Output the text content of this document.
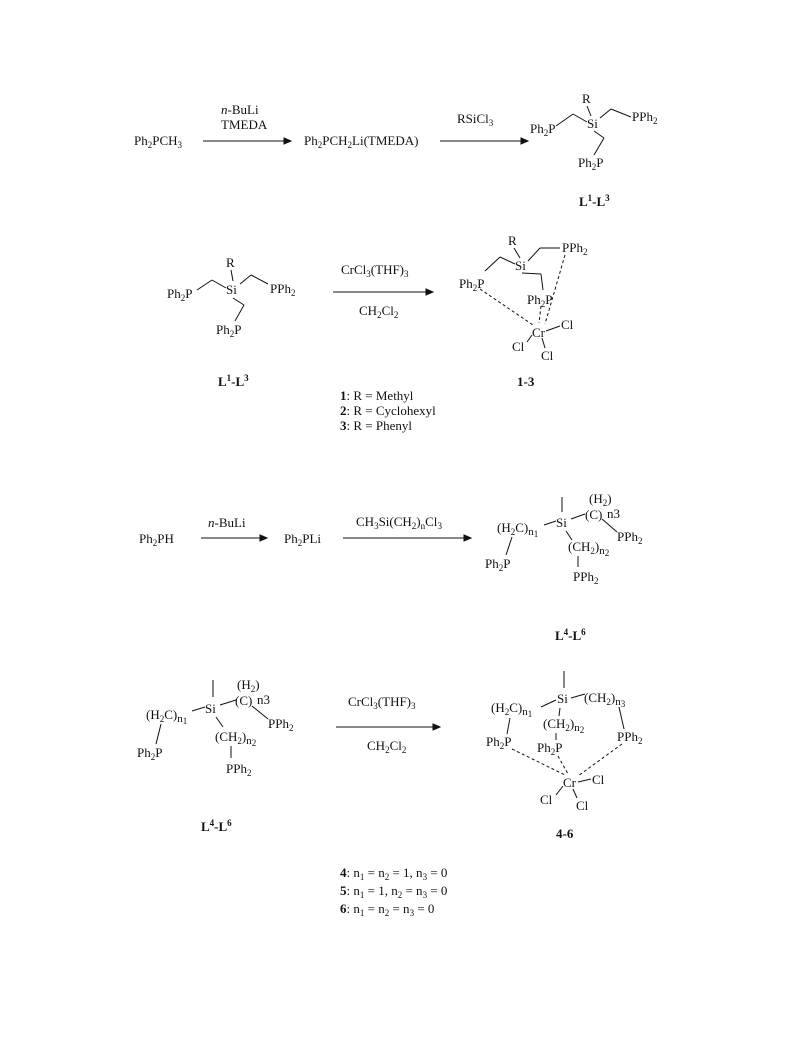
$Ph_2PCH_3$
n-BuLi
TMEDA
$Ph_2PCH_2Li(TMEDA)$
RSiCl$_3$
R
Si	PPh$_2$
$Ph_2P$
$Ph_2P$
$L^1-L^3$
R
Si	PPh$_2$
$Ph_2P$
$Ph_2P$
$L^1-L^3$
$CrCl_3(THF)_3$
$CH_2Cl_2$
R
Si
PPh$_2$
$Ph_2P$
$Ph_2P$
Cr
Cl
Cl
Cl
1-3
1: R = Methyl
2: R = Cyclohexyl
3: R = Phenyl
$Ph_2PH$
n-BuLi
$Ph_2PLi$
$CH_3Si(CH_2)_nCl_3$	Si
$(H_2)$
(C) n3
PPh$_2$
$(H_2C)_n1$
$Ph_2P$
$(CH_2)_n2$
PPh$_2$
$L^4-L^6$
Si
$(H_2)$
(C) n3
PPh$_2$
$(H_2C)_n1$
$Ph_2P$
$(CH_2)_n2$
PPh$_2$
$L^4-L^6$
$CrCl_3(THF)_3$
$CH_2Cl_2$
Si $(CH_2)_n3$
PPh$_2$
$(H_2C)_n1$
$Ph_2P$
$(CH_2)_n2$
$Ph_2P$
Cr Cl
Cl Cl
4-6
4: $n_1 = n_2 = 1$, $n_3 = 0$
5: $n_1 = 1$, $n_2 = n_3 = 0$
6: $n_1 = n_2 = n_3 = 0$
